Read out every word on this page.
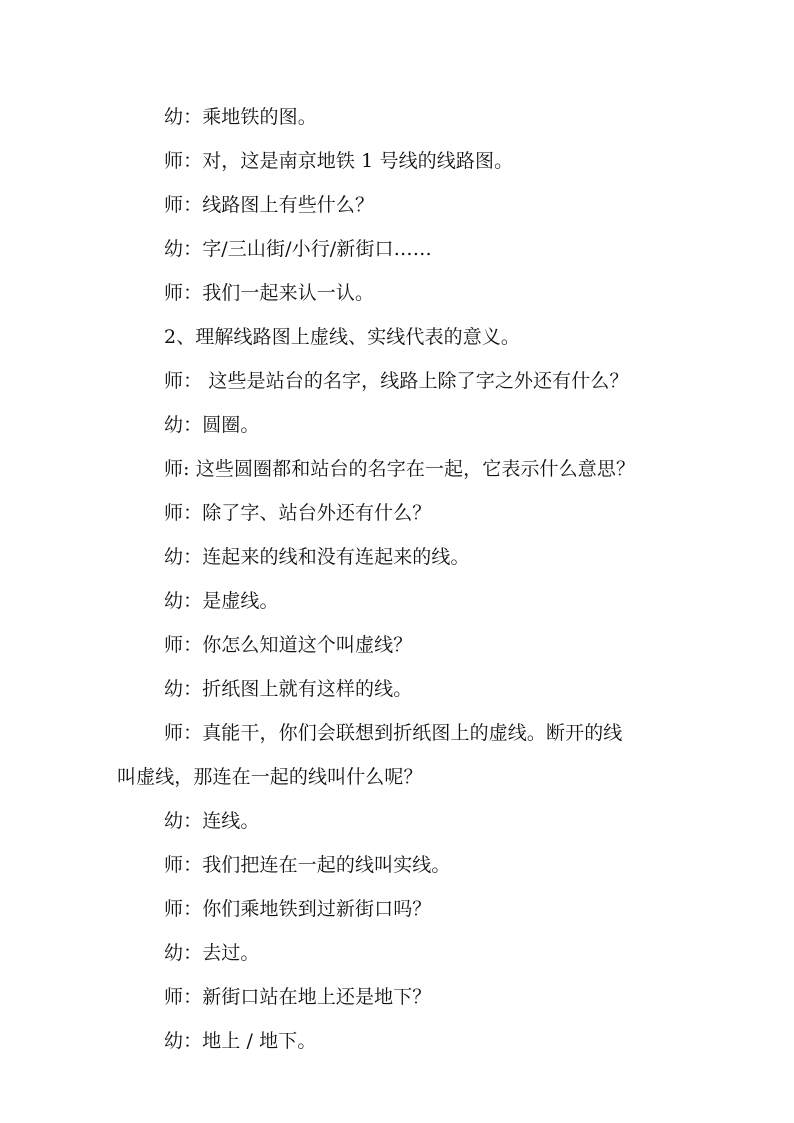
幼：乘地铁的图。
师：对，这是南京地铁 1 号线的线路图。
师：线路图上有些什么？
幼：字/三山街/小行/新街口……
师：我们一起来认一认。
2、理解线路图上虚线、实线代表的意义。
师： 这些是站台的名字，线路上除了字之外还有什么？
幼：圆圈。
师: 这些圆圈都和站台的名字在一起，它表示什么意思？
师：除了字、站台外还有什么？
幼：连起来的线和没有连起来的线。
幼：是虚线。
师：你怎么知道这个叫虚线？
幼：折纸图上就有这样的线。
师：真能干，你们会联想到折纸图上的虚线。断开的线
叫虚线，那连在一起的线叫什么呢？
幼：连线。
师：我们把连在一起的线叫实线。
师：你们乘地铁到过新街口吗？
幼：去过。
师：新街口站在地上还是地下？
幼：地上 / 地下。
